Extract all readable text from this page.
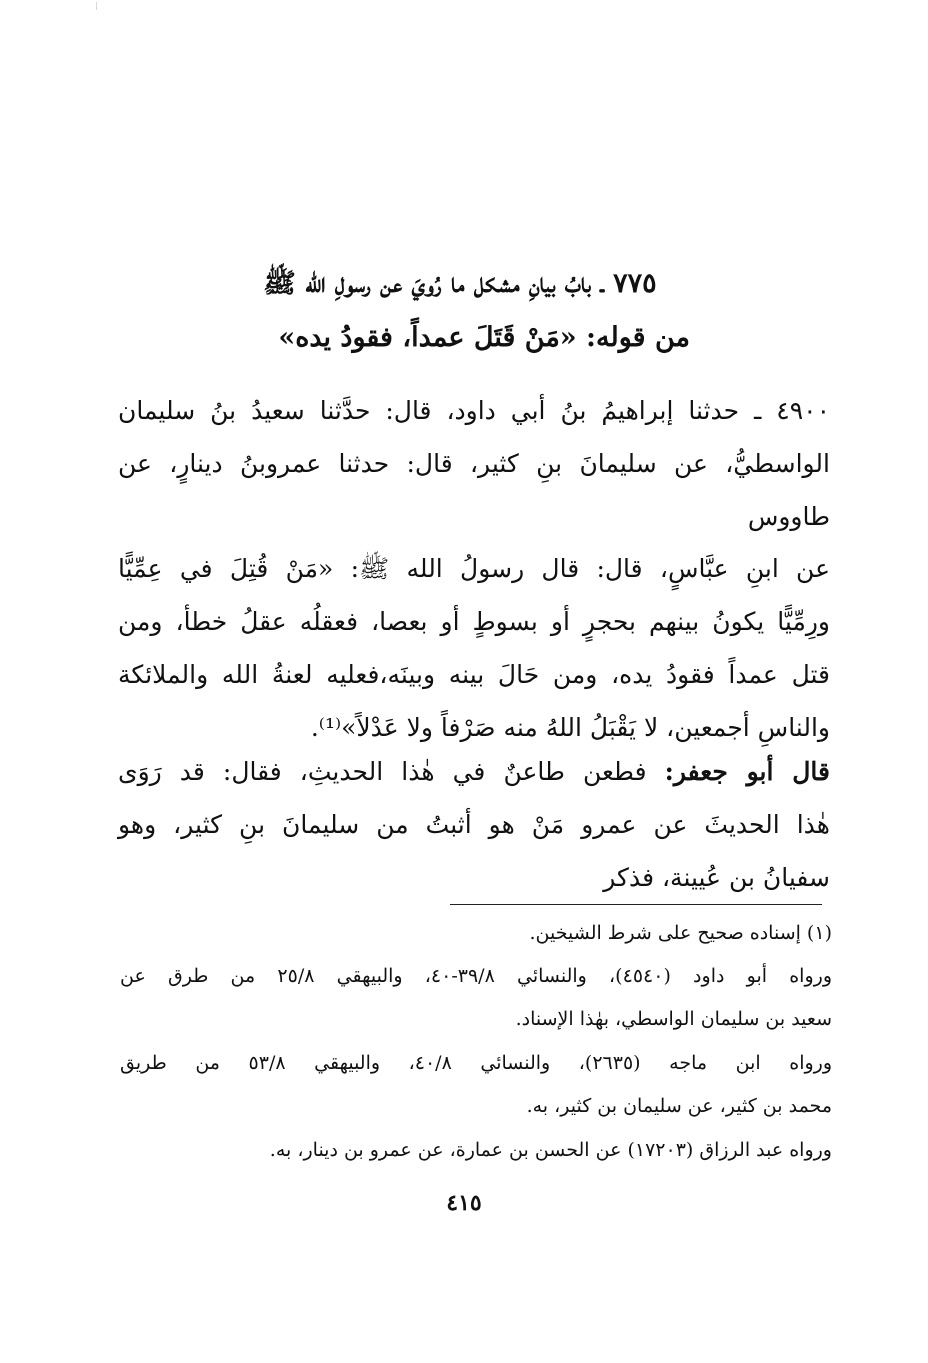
٧٧٥ ـ بابُ بيانِ مشكل ما رُويَ عن رسولِ الله ﷺ
من قوله: «مَنْ قَتَلَ عمداً، فقودُ يده»
٤٩٠٠ ـ حدثنا إبراهيمُ بنُ أبي داود، قال: حدَّثنا سعيدُ بنُ سليمان
الواسطيُّ، عن سليمانَ بنِ كثير، قال: حدثنا عمروبنُ دينارٍ، عن
طاووس
عن ابنِ عبَّاسٍ، قال: قال رسولُ الله ﷺ: «مَنْ قُتِلَ في عِمِّيًّا
ورِمِّيًّا يكونُ بينهم بحجرٍ أو بسوطٍ أو بعصا، فعقلُه عقلُ خطأ، ومن
قتل عمداً فقودُ يده، ومن حَالَ بينه وبينَه،فعليه لعنةُ الله والملائكة
والناسِ أجمعين، لا يَقْبَلُ اللهُ منه صَرْفاً ولا عَدْلاً»⁽¹⁾.
قال أبو جعفر: فطعن طاعنٌ في هٰذا الحديثِ، فقال: قد رَوَى
هٰذا الحديثَ عن عمرو مَنْ هو أثبتُ من سليمانَ بنِ كثير، وهو
سفيانُ بن عُيينة، فذكر
(١) إسناده صحيح على شرط الشيخين.
ورواه أبو داود (٤٥٤٠)، والنسائي ٣٩/٨-٤٠، والبيهقي ٢٥/٨ من طرق عن
سعيد بن سليمان الواسطي، بهٰذا الإسناد.
ورواه ابن ماجه (٢٦٣٥)، والنسائي ٤٠/٨، والبيهقي ٥٣/٨ من طريق
محمد بن كثير، عن سليمان بن كثير، به.
ورواه عبد الرزاق (١٧٢٠٣) عن الحسن بن عمارة، عن عمرو بن دينار، به.
٤١٥
